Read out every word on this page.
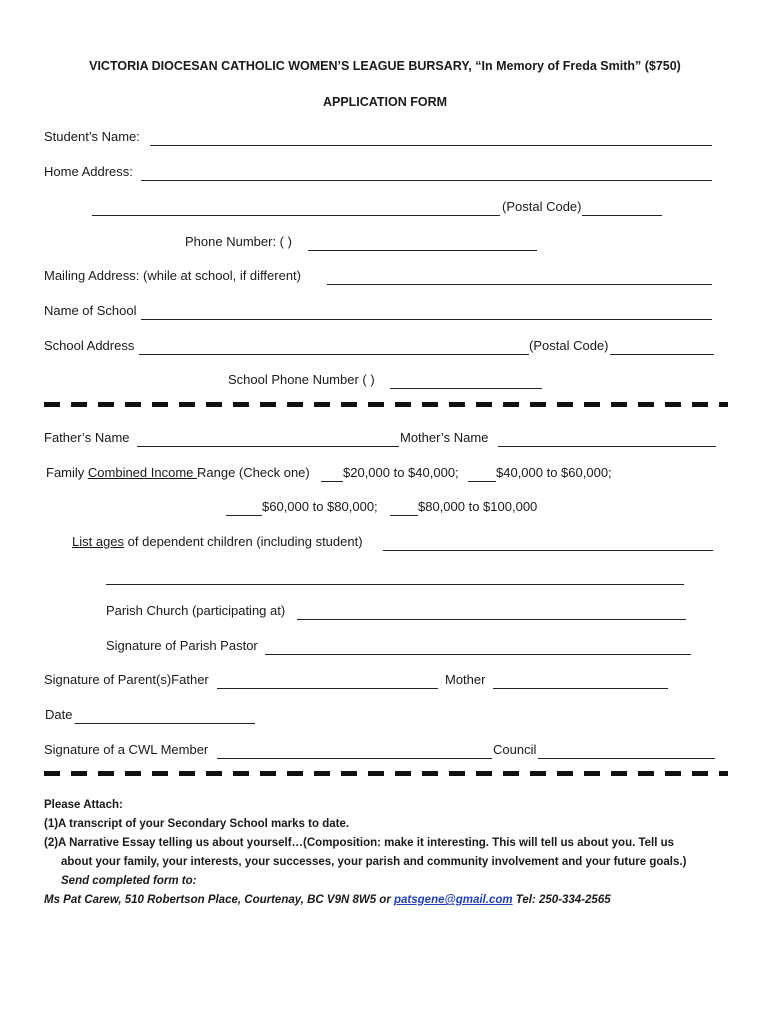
VICTORIA DIOCESAN CATHOLIC WOMEN’S LEAGUE BURSARY, “In Memory of Freda Smith” ($750)
APPLICATION FORM
Student’s Name:
Home Address:
(Postal Code)
Phone Number: ( )
Mailing Address: (while at school, if different)
Name of School
School Address	(Postal Code)
School Phone Number ( )
Father’s Name	Mother’s Name
Family Combined Income Range (Check one)	$20,000 to $40,000;	$40,000 to $60,000;
$60,000 to $80,000;	$80,000 to $100,000
List ages of dependent children (including student)
Parish Church (participating at)
Signature of Parish Pastor
Signature of Parent(s)Father	Mother
Date
Signature of a CWL Member	Council
Please Attach:
(1)A transcript of your Secondary School marks to date.
(2)A Narrative Essay telling us about yourself…(Composition: make it interesting. This will tell us about you. Tell us
about your family, your interests, your successes, your parish and community involvement and your future goals.)
Send completed form to:
Ms Pat Carew, 510 Robertson Place, Courtenay, BC V9N 8W5 or patsgene@gmail.com Tel: 250-334-2565
